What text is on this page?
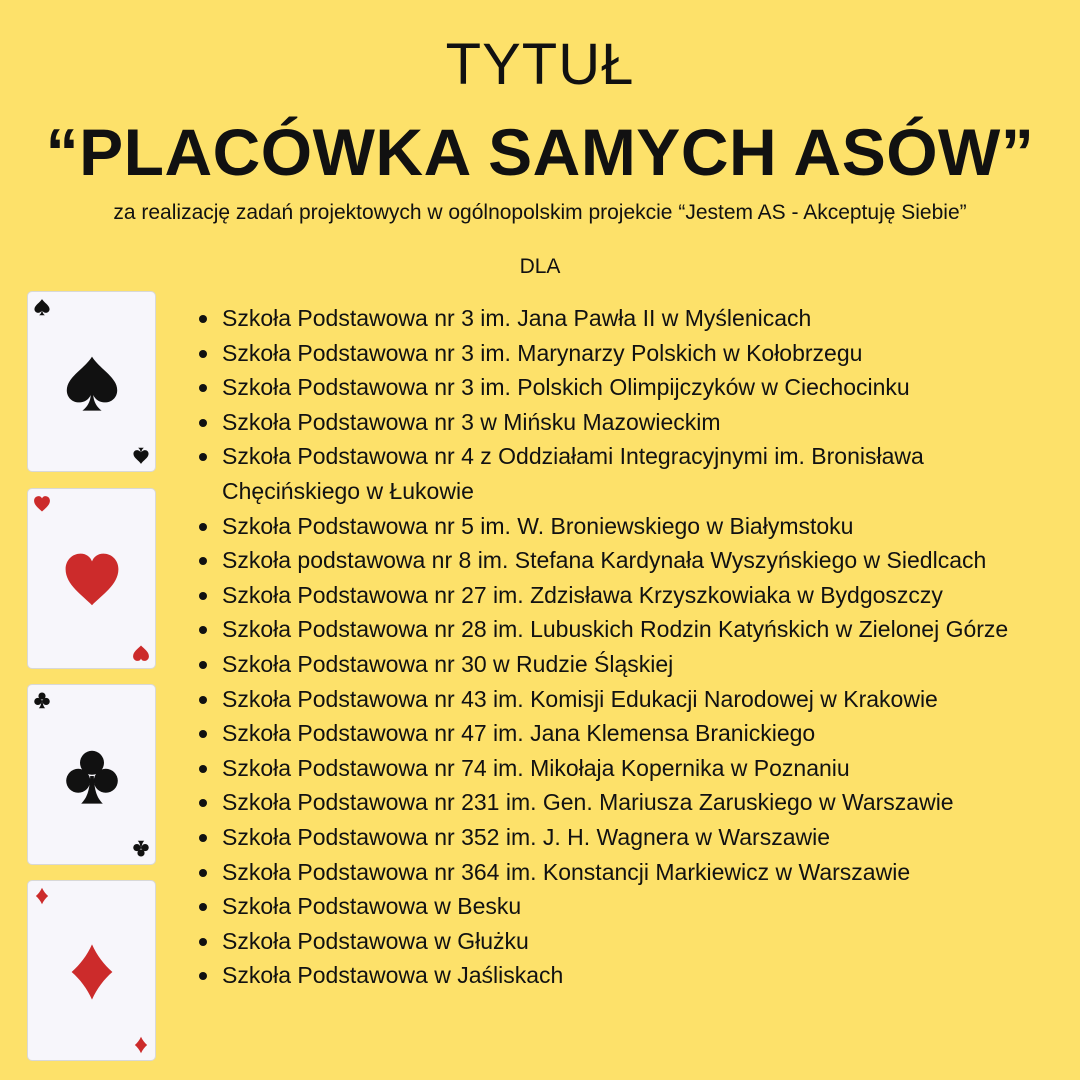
TYTUŁ
“PLACÓWKA SAMYCH ASÓW”
za realizację zadań projektowych w ogólnopolskim projekcie “Jestem AS - Akceptuję Siebie”
DLA
Szkoła Podstawowa nr 3 im. Jana Pawła II w Myślenicach
Szkoła Podstawowa nr 3 im. Marynarzy Polskich w Kołobrzegu
Szkoła Podstawowa nr 3 im. Polskich Olimpijczyków w Ciechocinku
Szkoła Podstawowa nr 3 w Mińsku Mazowieckim
Szkoła Podstawowa nr 4 z Oddziałami Integracyjnymi im. Bronisława Chęcińskiego w Łukowie
Szkoła Podstawowa nr 5 im. W. Broniewskiego w Białymstoku
Szkoła podstawowa nr 8 im. Stefana Kardynała Wyszyńskiego w Siedlcach
Szkoła Podstawowa nr 27 im. Zdzisława Krzyszkowiaka w Bydgoszczy
Szkoła Podstawowa nr 28 im. Lubuskich Rodzin Katyńskich w Zielonej Górze
Szkoła Podstawowa nr 30 w Rudzie Śląskiej
Szkoła Podstawowa nr 43 im. Komisji Edukacji Narodowej w Krakowie
Szkoła Podstawowa nr 47 im. Jana Klemensa Branickiego
Szkoła Podstawowa nr 74 im. Mikołaja Kopernika w Poznaniu
Szkoła Podstawowa nr 231 im. Gen. Mariusza Zaruskiego w Warszawie
Szkoła Podstawowa nr 352 im. J. H. Wagnera w Warszawie
Szkoła Podstawowa nr 364 im. Konstancji Markiewicz w Warszawie
Szkoła Podstawowa w Besku
Szkoła Podstawowa w Głużku
Szkoła Podstawowa w Jaśliskach
